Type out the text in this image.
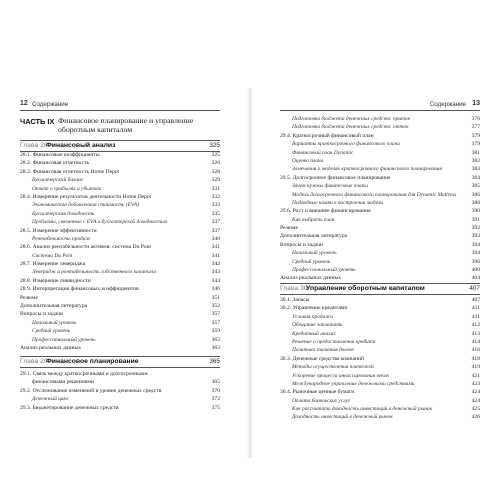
12 Содержание
ЧАСТЬ IX Финансовое планирование и управление
оборотным капиталом
Глава 28
Финансовый анализ	325
28.1. Финансовые коэффициенты	325
28.2. Финансовая отчетность	326
28.3. Финансовая отчетность Home Depot	328
Бухгалтерский баланс	329
Отчет о прибылях и убытках	331
28.4. Измерение результатов деятельности Home Depot	332
Экономическая добавленная стоимость (EVA)	333
Бухгалтерская доходность	335
Проблемы, связанные с EVA и бухгалтерской доходностью	337
28.5. Измерение эффективности	337
Рентабельность продаж	340
28.6. Анализ рентабельности активов: система Du Pont	341
Система Du Pont	341
28.7. Измерение левериджа	342
Леверидж и рентабельность собственного капитала	343
28.8. Измерение ликвидности	344
28.9. Интерпретация финансовых коэффициентов	346
Резюме	351
Дополнительная литература	352
Вопросы и задачи	357
Начальный уровень	357
Средний уровень	359
Профессиональный уровень	362
Анализ реальных данных	363
Глава 29
Финансовое планирование	365
29.1. Связь между краткосрочными и долгосрочными
финансовыми решениями	365
29.2. Отслеживание изменений в уровне денежных средств	370
Денежный цикл	372
29.3. Бюджетирование денежных средств	375
Содержание 13
Подготовка бюджета денежных средств: приток	376
Подготовка бюджета денежных средств: отток	377
29.4. Краткосрочный финансовый план	379
Варианты краткосрочного финансового плана	379
Финансовый план Dynamic	381
Оценка плана	382
Замечания о моделях краткосрочного финансового планирования	383
29.5. Долгосрочное финансовое планирование	384
Зачем нужны финансовые планы	385
Модель долгосрочного финансового планирования для Dynamic Mattress	386
Подводные камни в построении модели	388
29.6. Рост и внешнее финансирование	390
Как выбрать план	391
Резюме	392
Дополнительная литература	393
Вопросы и задачи	394
Начальный уровень	394
Средний уровень	396
Профессиональный уровень	400
Анализ реальных данных	404
Глава 30
Управление оборотным капиталом	407
30.1. Запасы	407
30.2. Управление кредитами	411
Условия продажи	411
Обещание заплатить	412
Кредитный анализ	413
Решение о предоставлении кредита	414
Политика взимания долгов	416
30.3. Денежные средства компаний	418
Методы осуществления платежей	419
Ускорение процесса инкассирования чеков	421
Международное управление денежными средствами	423
30.4. Рыночные ценные бумаги	424
Оплата банковских услуг	424
Как рассчитать доходность инвестиций в денежный рынок	425
Доходность инвестиций в денежный рынок	426
